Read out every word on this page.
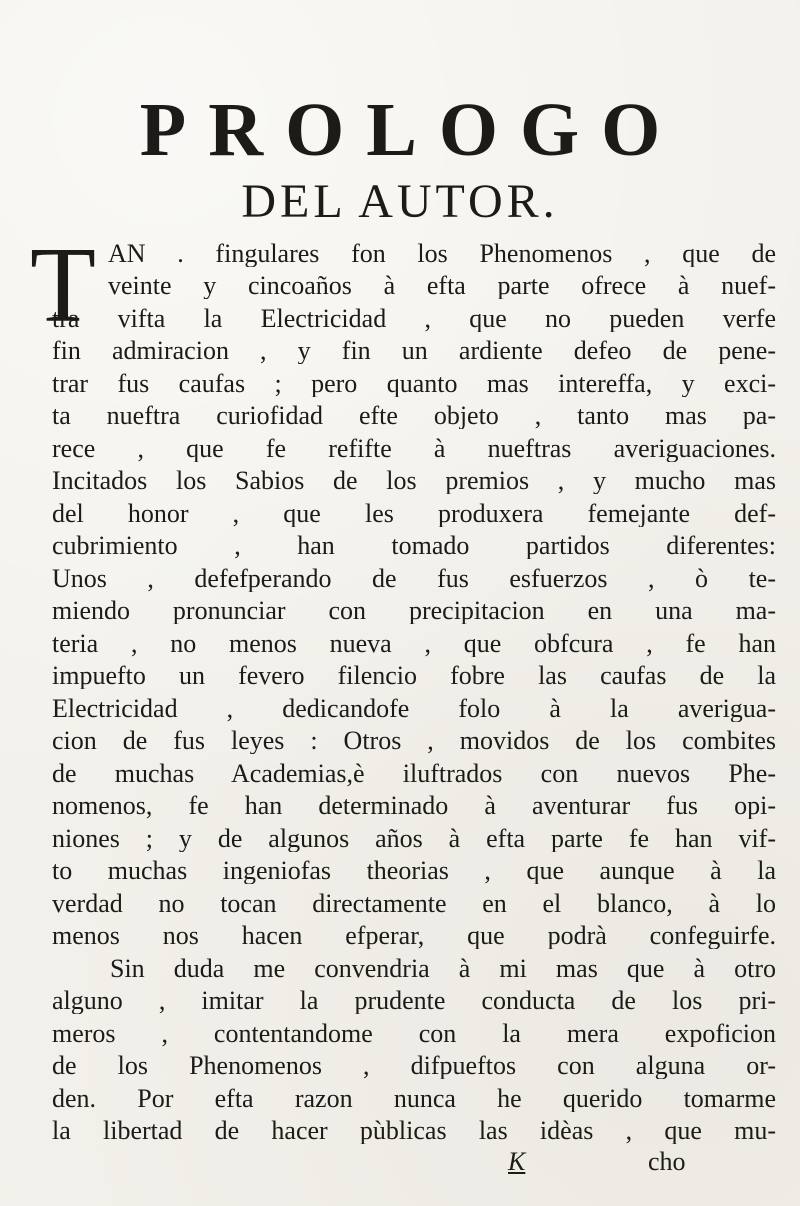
PROLOGO
DEL AUTOR.
T AN . fingulares fon los Phenomenos , que de

veinte y cincoaños à efta parte ofrece à nuef-

tra vifta la Electricidad , que no pueden verfe

fin admiracion , y fin un ardiente defeo de pene-

trar fus caufas ; pero quanto mas intereffa, y exci-

ta nueftra curiofidad efte objeto , tanto mas pa-

rece , que fe refifte à nueftras averiguaciones.

Incitados los Sabios de los premios , y mucho mas

del honor , que les produxera femejante def-

cubrimiento , han tomado partidos diferentes:

Unos , defefperando de fus esfuerzos , ò te-

miendo pronunciar con precipitacion en una ma-

teria , no menos nueva , que obfcura , fe han

impuefto un fevero filencio fobre las caufas de la

Electricidad , dedicandofe folo à la averigua-

cion de fus leyes : Otros , movidos de los combites

de muchas Academias,è iluftrados con nuevos Phe-

nomenos, fe han determinado à aventurar fus opi-

niones ; y de algunos años à efta parte fe han vif-

to muchas ingeniofas theorias , que aunque à la

verdad no tocan directamente en el blanco, à lo

menos nos hacen efperar, que podrà confeguirfe.

Sin duda me convendria à mi mas que à otro

alguno , imitar la prudente conducta de los pri-

meros , contentandome con la mera expoficion

de los Phenomenos , difpueftos con alguna or-

den. Por efta razon nunca he querido tomarme

la libertad de hacer pùblicas las idèas , que mu-

K	cho
